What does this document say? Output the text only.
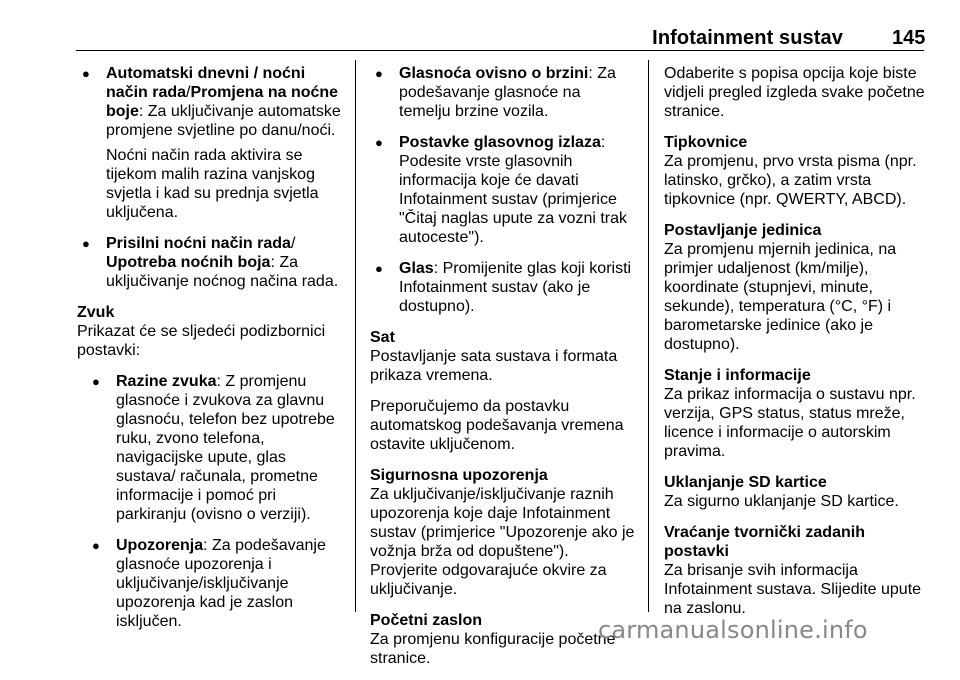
Infotainment sustav 145
● Automatski dnevni / noćni način rada/Promjena na noćne boje: Za uključivanje automatske promjene svjetline po danu/noći.
Noćni način rada aktivira se tijekom malih razina vanjskog svjetla i kad su prednja svjetla uključena.
● Prisilni noćni način rada/
Upotreba noćnih boja: Za uključivanje noćnog načina rada.
Zvuk
Prikazat će se sljedeći podizbornici postavki:
● Razine zvuka: Z promjenu glasnoće i zvukova za glavnu glasnoću, telefon bez upotrebe ruku, zvono telefona, navigacijske upute, glas sustava/ računala, prometne informacije i pomoć pri parkiranju (ovisno o verziji).
● Upozorenja: Za podešavanje glasnoće upozorenja i uključivanje/isključivanje upozorenja kad je zaslon isključen.
● Glasnoća ovisno o brzini: Za podešavanje glasnoće na temelju brzine vozila.
● Postavke glasovnog izlaza: Podesite vrste glasovnih informacija koje će davati Infotainment sustav (primjerice "Čitaj naglas upute za vozni trak autoceste").
● Glas: Promijenite glas koji koristi Infotainment sustav (ako je dostupno).
Sat
Postavljanje sata sustava i formata prikaza vremena.
Preporučujemo da postavku automatskog podešavanja vremena ostavite uključenom.
Sigurnosna upozorenja
Za uključivanje/isključivanje raznih upozorenja koje daje Infotainment sustav (primjerice "Upozorenje ako je vožnja brža od dopuštene"). Provjerite odgovarajuće okvire za uključivanje.
Početni zaslon
Za promjenu konfiguracije početne stranice.
Odaberite s popisa opcija koje biste vidjeli pregled izgleda svake početne stranice.
Tipkovnice
Za promjenu, prvo vrsta pisma (npr. latinsko, grčko), a zatim vrsta tipkovnice (npr. QWERTY, ABCD).
Postavljanje jedinica
Za promjenu mjernih jedinica, na primjer udaljenost (km/milje), koordinate (stupnjevi, minute, sekunde), temperatura (°C, °F) i barometarske jedinice (ako je dostupno).
Stanje i informacije
Za prikaz informacija o sustavu npr. verzija, GPS status, status mreže, licence i informacije o autorskim pravima.
Uklanjanje SD kartice
Za sigurno uklanjanje SD kartice.
Vraćanje tvornički zadanih postavki
Za brisanje svih informacija Infotainment sustava. Slijedite upute na zaslonu.
carmanualsonline.info
